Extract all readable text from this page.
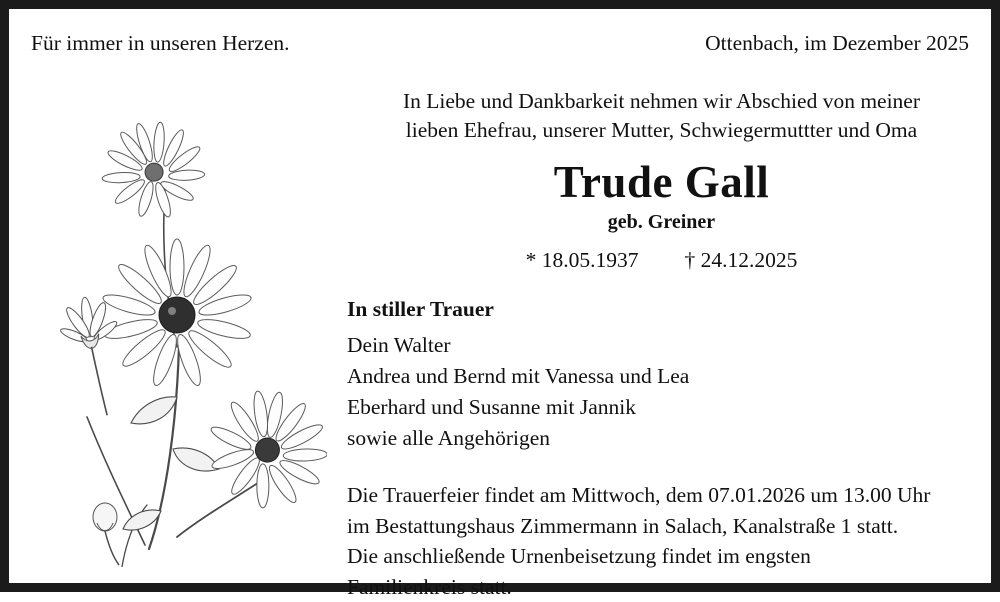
Für immer in unseren Herzen.	Ottenbach, im Dezember 2025
In Liebe und Dankbarkeit nehmen wir Abschied von meiner
lieben Ehefrau, unserer Mutter, Schwiegermuttter und Oma
Trude Gall
geb. Greiner
* 18.05.1937 † 24.12.2025
In stiller Trauer
Dein Walter
Andrea und Bernd mit Vanessa und Lea
Eberhard und Susanne mit Jannik
sowie alle Angehörigen
Die Trauerfeier findet am Mittwoch, dem 07.01.2026 um 13.00 Uhr
im Bestattungshaus Zimmermann in Salach, Kanalstraße 1 statt.
Die anschließende Urnenbeisetzung findet im engsten
Familienkreis statt.
